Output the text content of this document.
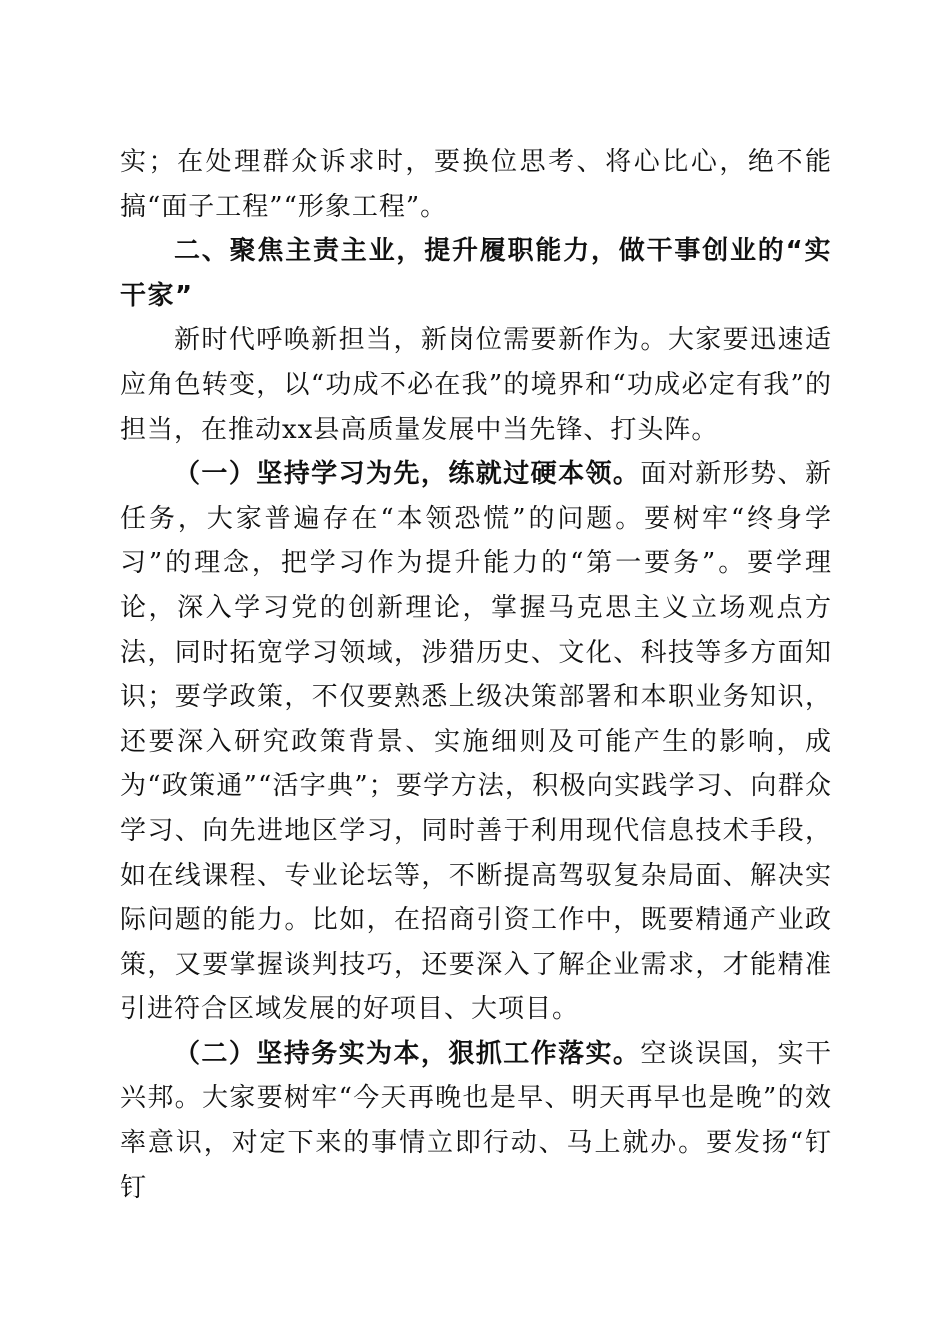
实；在处理群众诉求时，要换位思考、将心比心，绝不能搞“面子工程”“形象工程”。

二、聚焦主责主业，提升履职能力，做干事创业的“实干家”

新时代呼唤新担当，新岗位需要新作为。大家要迅速适应角色转变，以“功成不必在我”的境界和“功成必定有我”的担当，在推动xx县高质量发展中当先锋、打头阵。

（一）坚持学习为先，练就过硬本领。面对新形势、新任务，大家普遍存在“本领恐慌”的问题。要树牢“终身学习”的理念，把学习作为提升能力的“第一要务”。要学理论，深入学习党的创新理论，掌握马克思主义立场观点方法，同时拓宽学习领域，涉猎历史、文化、科技等多方面知识；要学政策，不仅要熟悉上级决策部署和本职业务知识，还要深入研究政策背景、实施细则及可能产生的影响，成为“政策通”“活字典”；要学方法，积极向实践学习、向群众学习、向先进地区学习，同时善于利用现代信息技术手段，如在线课程、专业论坛等，不断提高驾驭复杂局面、解决实际问题的能力。比如，在招商引资工作中，既要精通产业政策，又要掌握谈判技巧，还要深入了解企业需求，才能精准引进符合区域发展的好项目、大项目。

（二）坚持务实为本，狠抓工作落实。空谈误国，实干兴邦。大家要树牢“今天再晚也是早、明天再早也是晚”的效率意识，对定下来的事情立即行动、马上就办。要发扬“钉钉
